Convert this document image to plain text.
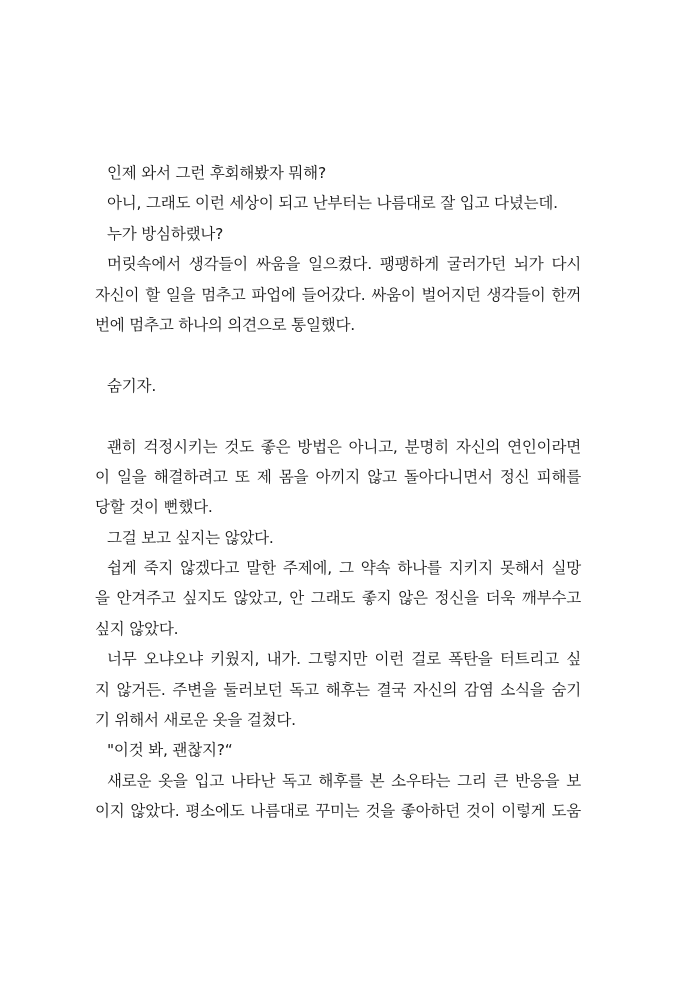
인제 와서 그런 후회해봤자 뭐해?
아니, 그래도 이런 세상이 되고 난부터는 나름대로 잘 입고 다녔는데.
누가 방심하랬나?
머릿속에서 생각들이 싸움을 일으켰다. 팽팽하게 굴러가던 뇌가 다시
자신이 할 일을 멈추고 파업에 들어갔다. 싸움이 벌어지던 생각들이 한꺼
번에 멈추고 하나의 의견으로 통일했다.
숨기자.
괜히 걱정시키는 것도 좋은 방법은 아니고, 분명히 자신의 연인이라면
이 일을 해결하려고 또 제 몸을 아끼지 않고 돌아다니면서 정신 피해를
당할 것이 뻔했다.
그걸 보고 싶지는 않았다.
쉽게 죽지 않겠다고 말한 주제에, 그 약속 하나를 지키지 못해서 실망
을 안겨주고 싶지도 않았고, 안 그래도 좋지 않은 정신을 더욱 깨부수고
싶지 않았다.
너무 오냐오냐 키웠지, 내가. 그렇지만 이런 걸로 폭탄을 터트리고 싶
지 않거든. 주변을 둘러보던 독고 해후는 결국 자신의 감염 소식을 숨기
기 위해서 새로운 옷을 걸쳤다.
"이것 봐, 괜찮지?“
새로운 옷을 입고 나타난 독고 해후를 본 소우타는 그리 큰 반응을 보
이지 않았다. 평소에도 나름대로 꾸미는 것을 좋아하던 것이 이렇게 도움
